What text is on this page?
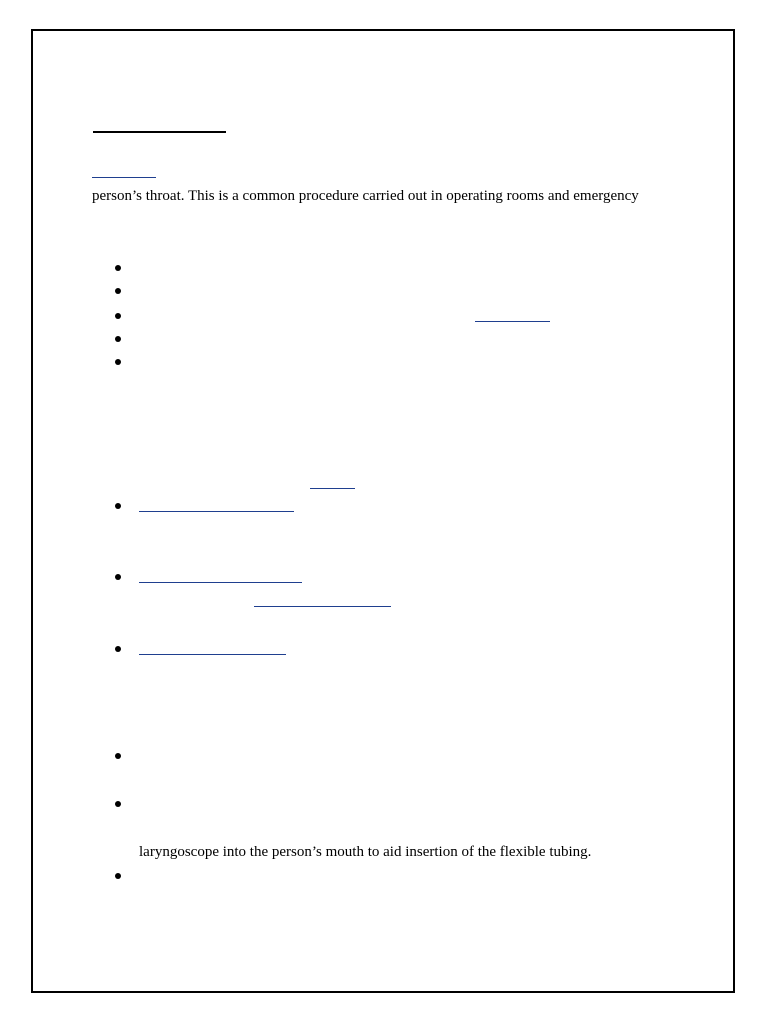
person’s throat. This is a common procedure carried out in operating rooms and emergency

laryngoscope into the person’s mouth to aid insertion of the flexible tubing.
